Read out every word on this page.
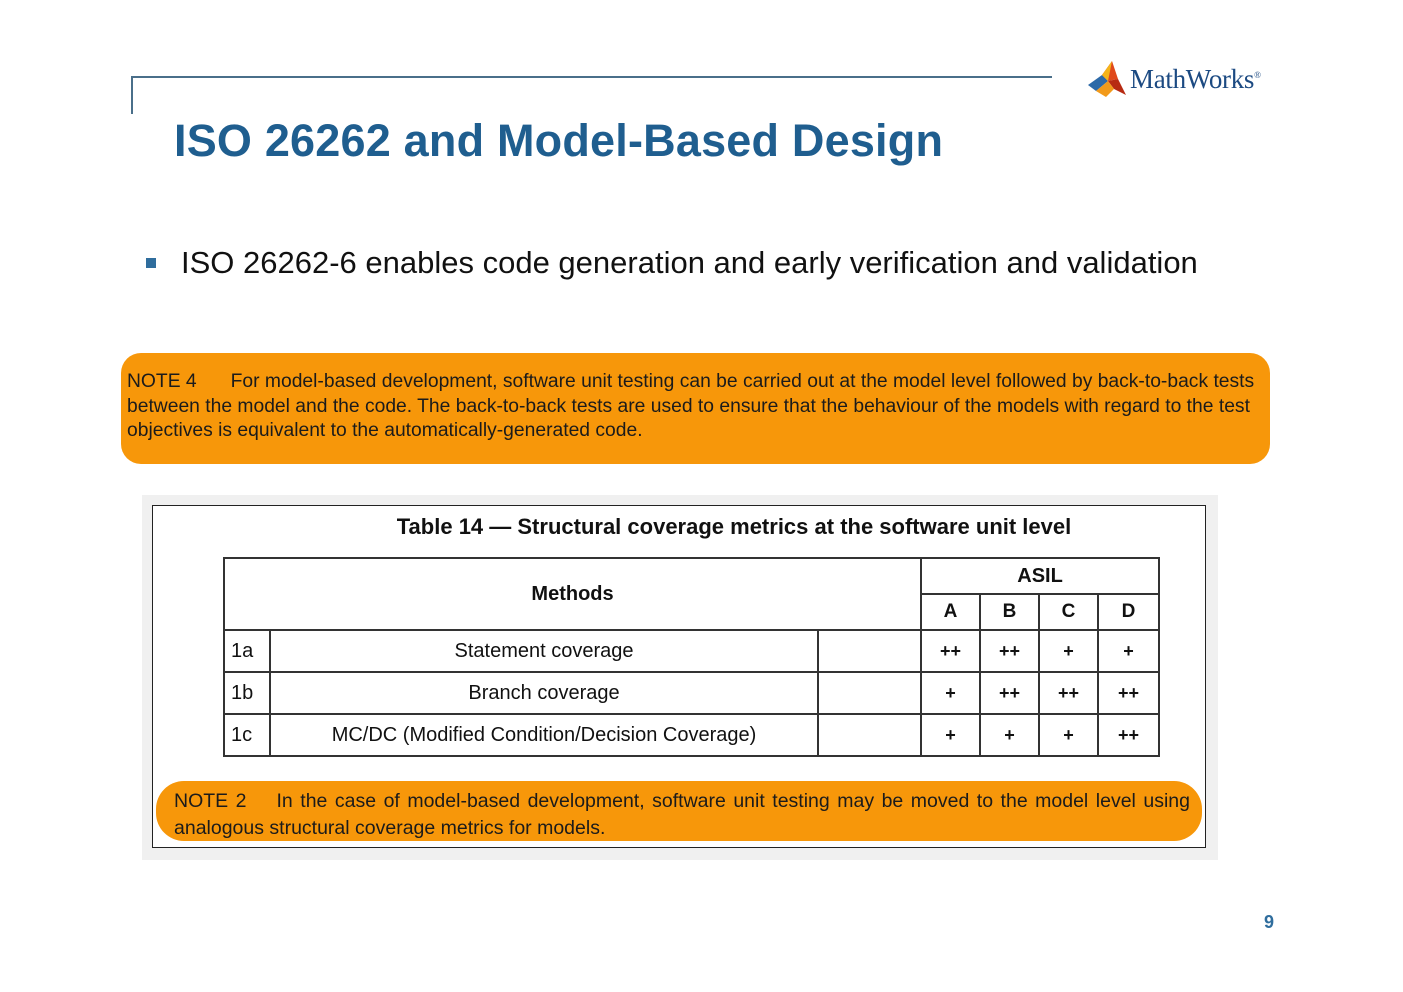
MathWorks®
ISO 26262 and Model-Based Design
ISO 26262-6 enables code generation and early verification and validation

NOTE 4 For model-based development, software unit testing can be carried out at the model level followed by back-to-back tests between the model and the code. The back-to-back tests are used to ensure that the behaviour of the models with regard to the test objectives is equivalent to the automatically-generated code.

Table 14 — Structural coverage metrics at the software unit level

Methods			ASIL			
			A	B	C	D
1a	Statement coverage		++	++	+	+
1b	Branch coverage		+	++	++	++
1c	MC/DC (Modified Condition/Decision Coverage)		+	+	+	++

NOTE 2 In the case of model-based development, software unit testing may be moved to the model level using analogous structural coverage metrics for models.

9
